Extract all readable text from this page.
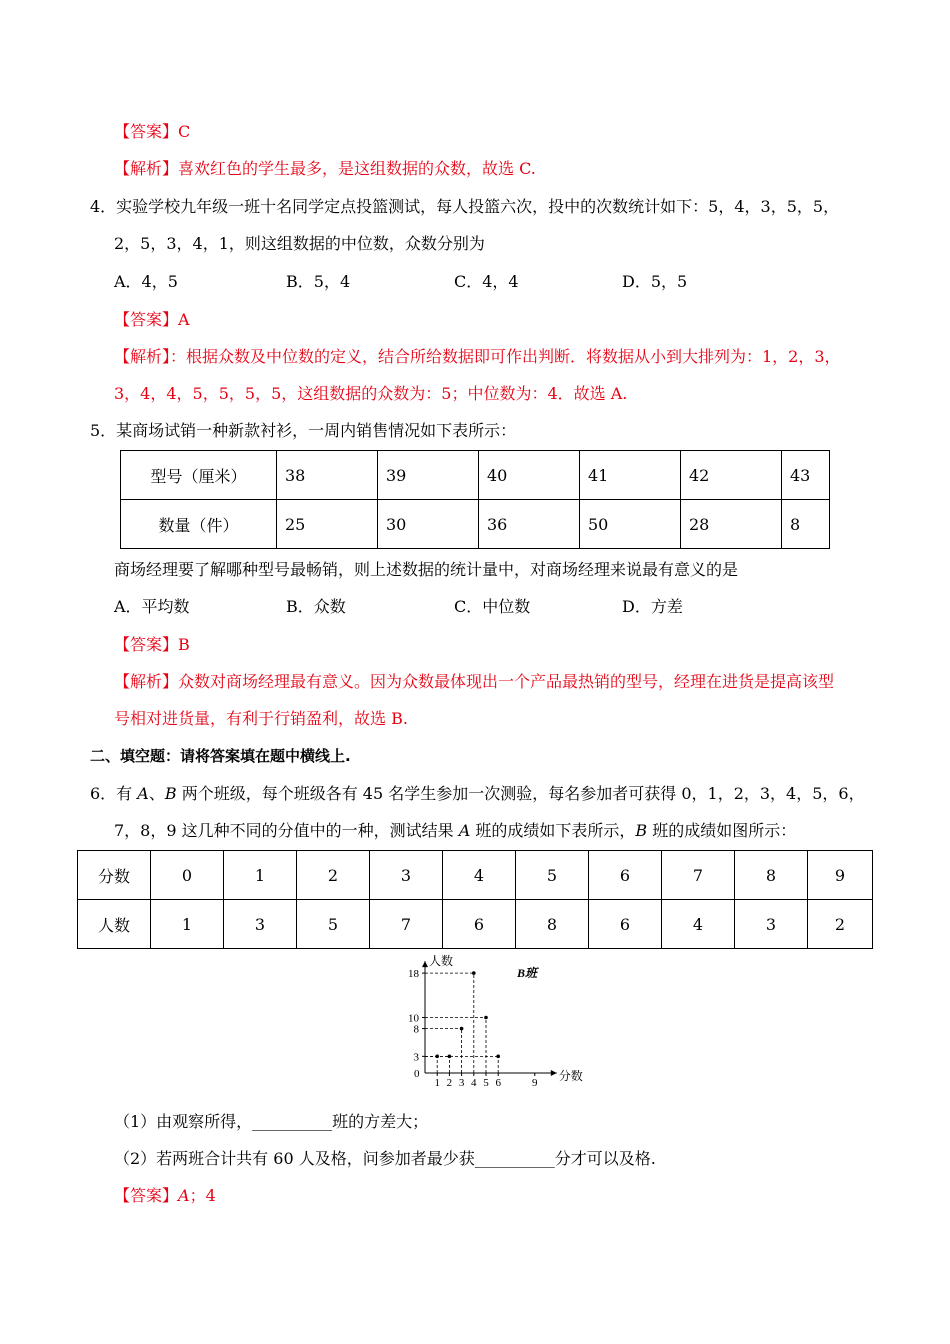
【答案】C
【解析】喜欢红色的学生最多，是这组数据的众数，故选 C.
4．实验学校九年级一班十名同学定点投篮测试，每人投篮六次，投中的次数统计如下：5，4，3，5，5，
2，5，3，4，1，则这组数据的中位数，众数分别为
A．4，5	B．5，4	C．4，4	D．5，5
【答案】A
【解析】：根据众数及中位数的定义，结合所给数据即可作出判断．将数据从小到大排列为：1，2，3，
3，4，4，5，5，5，5，这组数据的众数为：5；中位数为：4．故选 A.
5．某商场试销一种新款衬衫，一周内销售情况如下表所示：
型号（厘米）	38	39	40	41	42	43
数量（件）	25	30	36	50	28	8
商场经理要了解哪种型号最畅销，则上述数据的统计量中，对商场经理来说最有意义的是
A．平均数	B．众数	C．中位数	D．方差
【答案】B
【解析】众数对商场经理最有意义。因为众数最体现出一个产品最热销的型号，经理在进货是提高该型
号相对进货量，有利于行销盈利，故选 B.
二、填空题：请将答案填在题中横线上.
6．有 A、B 两个班级，每个班级各有 45 名学生参加一次测验，每名参加者可获得 0，1，2，3，4，5，6，
7，8，9 这几种不同的分值中的一种，测试结果 A 班的成绩如下表所示，B 班的成绩如图所示：
分数	0	1	2	3	4	5	6	7	8	9
人数	1	3	5	7	6	8	6	4	3	2
人数
分数
B班
0
3
8
10
18
1 2 3 4 5 6	9
（1）由观察所得，__________班的方差大；
（2）若两班合计共有 60 人及格，问参加者最少获__________分才可以及格.
【答案】A；4
